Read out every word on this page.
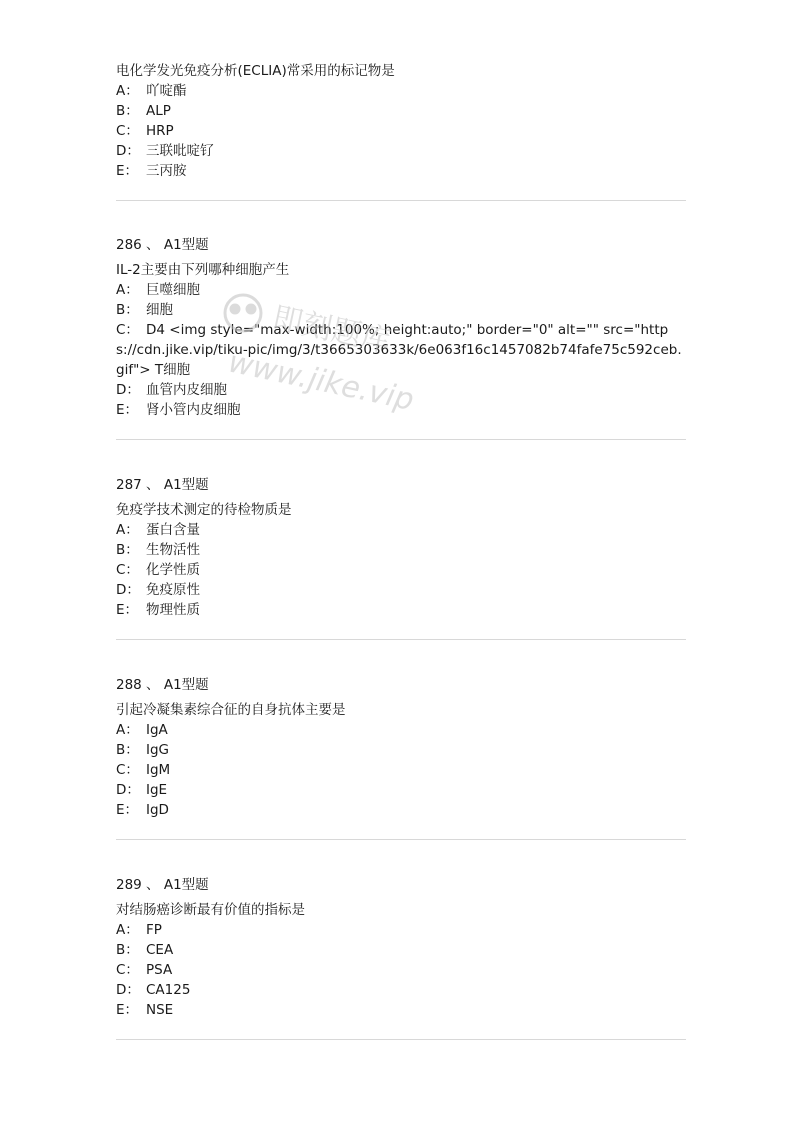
电化学发光免疫分析(ECLIA)常采用的标记物是
A： 吖啶酯
B： ALP
C： HRP
D： 三联吡啶钌
E： 三丙胺
286 、 A1型题
IL-2主要由下列哪种细胞产生
A： 巨噬细胞
B： 细胞
C： D4 <img style="max-width:100%; height:auto;" border="0" alt="" src="https://cdn.jike.vip/tiku-pic/img/3/t3665303633k/6e063f16c1457082b74fafe75c592ceb.gif"> T细胞
D： 血管内皮细胞
E： 肾小管内皮细胞
287 、 A1型题
免疫学技术测定的待检物质是
A： 蛋白含量
B： 生物活性
C： 化学性质
D： 免疫原性
E： 物理性质
288 、 A1型题
引起冷凝集素综合征的自身抗体主要是
A： IgA
B： IgG
C： IgM
D： IgE
E： IgD
289 、 A1型题
对结肠癌诊断最有价值的指标是
A： FP
B： CEA
C： PSA
D： CA125
E： NSE
即刻题库
www.jike.vip
